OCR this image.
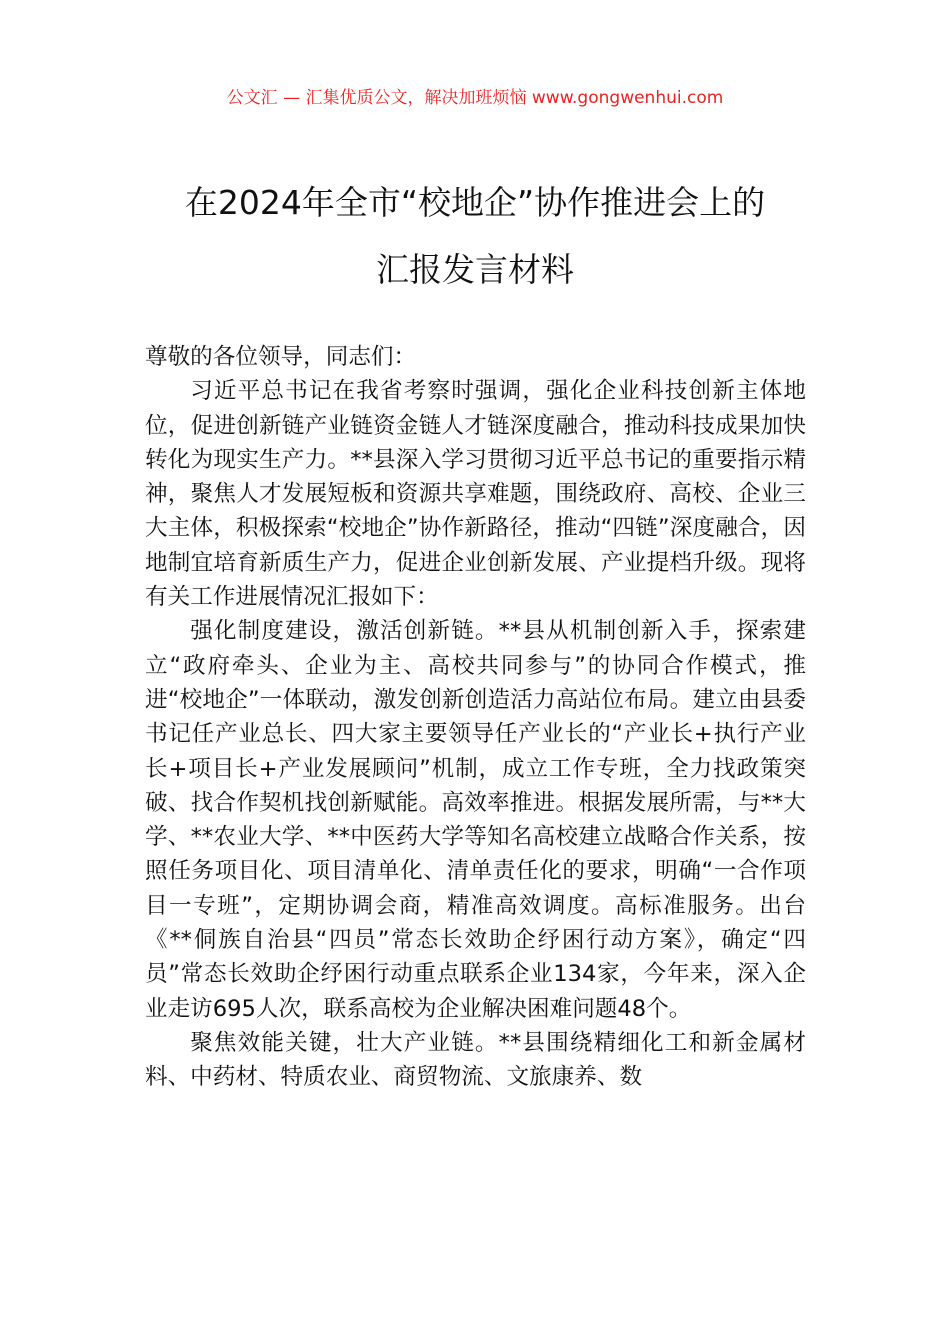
公文汇 — 汇集优质公文，解决加班烦恼 www.gongwenhui.com
在2024年全市“校地企”协作推进会上的
汇报发言材料

尊敬的各位领导，同志们：

习近平总书记在我省考察时强调，强化企业科技创新主体地位，促进创新链产业链资金链人才链深度融合，推动科技成果加快转化为现实生产力。**县深入学习贯彻习近平总书记的重要指示精神，聚焦人才发展短板和资源共享难题，围绕政府、高校、企业三大主体，积极探索“校地企”协作新路径，推动“四链”深度融合，因地制宜培育新质生产力，促进企业创新发展、产业提档升级。现将有关工作进展情况汇报如下：

强化制度建设，激活创新链。**县从机制创新入手，探索建立“政府牵头、企业为主、高校共同参与”的协同合作模式，推进“校地企”一体联动，激发创新创造活力高站位布局。建立由县委书记任产业总长、四大家主要领导任产业长的“产业长+执行产业长+项目长+产业发展顾问”机制，成立工作专班，全力找政策突破、找合作契机找创新赋能。高效率推进。根据发展所需，与**大学、**农业大学、**中医药大学等知名高校建立战略合作关系，按照任务项目化、项目清单化、清单责任化的要求，明确“一合作项目一专班”，定期协调会商，精准高效调度。高标准服务。出台《**侗族自治县“四员”常态长效助企纾困行动方案》，确定“四员”常态长效助企纾困行动重点联系企业134家，今年来，深入企业走访695人次，联系高校为企业解决困难问题48个。

聚焦效能关键，壮大产业链。**县围绕精细化工和新金属材料、中药材、特质农业、商贸物流、文旅康养、数
